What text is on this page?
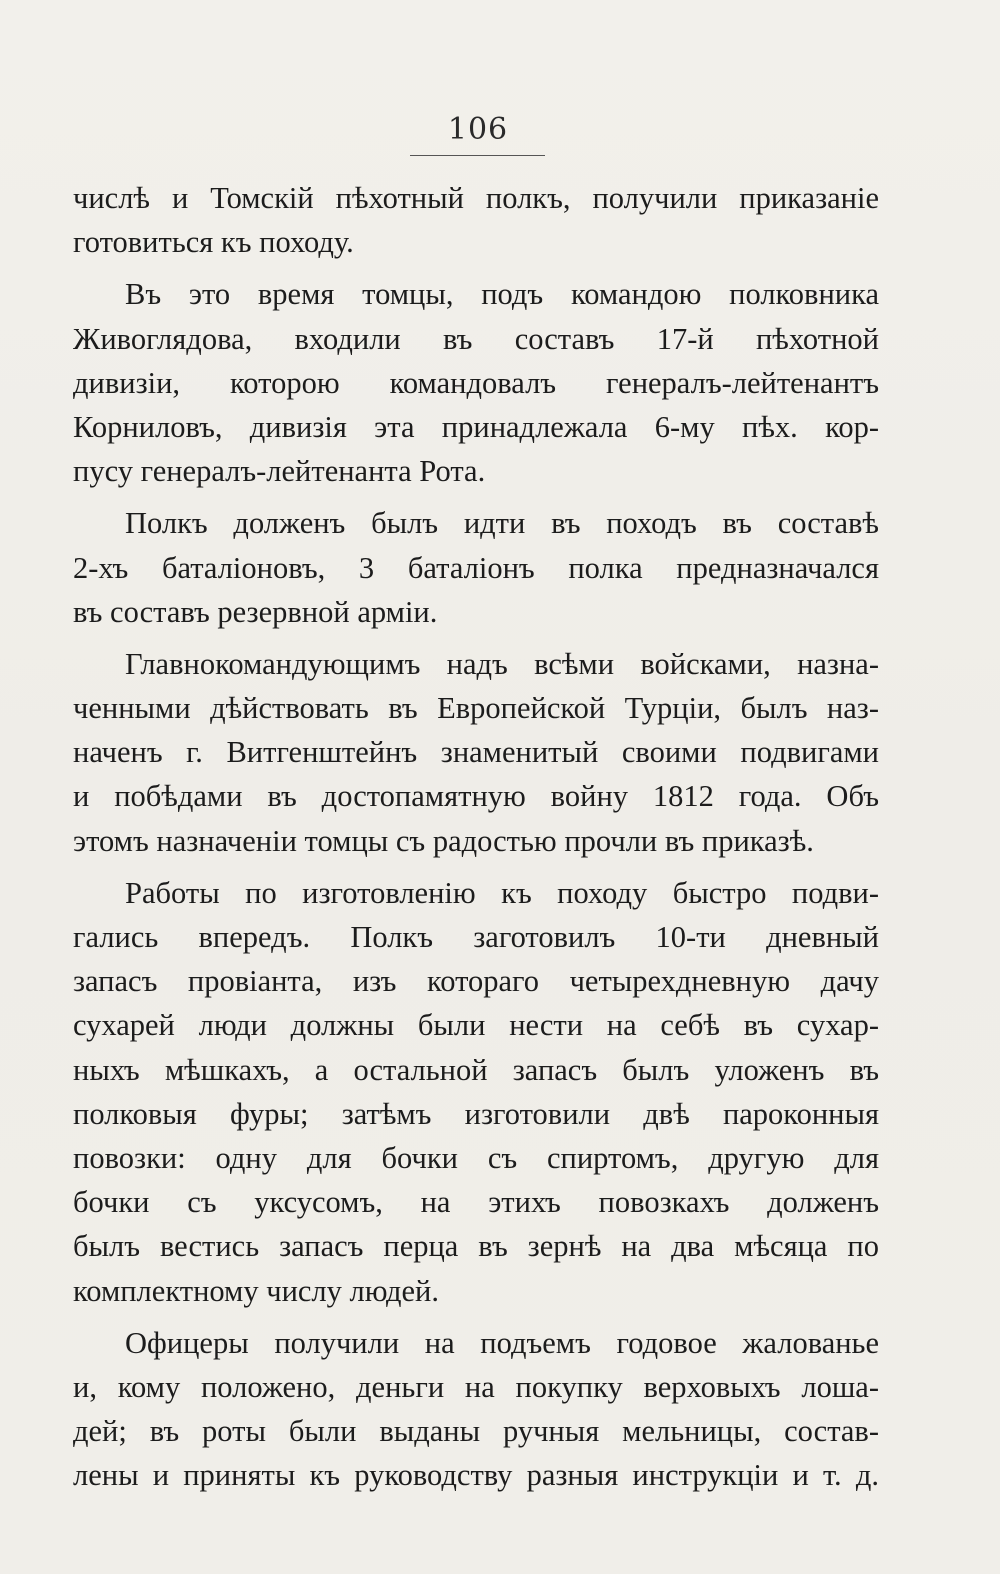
106
числѣ и Томскій пѣхотный полкъ, получили приказаніе
готовиться къ походу.
Въ это время томцы, подъ командою полковника
Живоглядова, входили въ составъ 17-й пѣхотной
дивизіи, которою командовалъ генералъ-лейтенантъ
Корниловъ, дивизія эта принадлежала 6-му пѣх. кор-
пусу генералъ-лейтенанта Рота.
Полкъ долженъ былъ идти въ походъ въ составѣ
2-хъ баталіоновъ, 3 баталіонъ полка предназначался
въ составъ резервной арміи.
Главнокомандующимъ надъ всѣми войсками, назна-
ченными дѣйствовать въ Европейской Турціи, былъ наз-
наченъ г. Витгенштейнъ знаменитый своими подвигами
и побѣдами въ достопамятную войну 1812 года. Объ
этомъ назначеніи томцы съ радостью прочли въ приказѣ.
Работы по изготовленію къ походу быстро подви-
гались впередъ. Полкъ заготовилъ 10-ти дневный
запасъ провіанта, изъ котораго четырехдневную дачу
сухарей люди должны были нести на себѣ въ сухар-
ныхъ мѣшкахъ, а остальной запасъ былъ уложенъ въ
полковыя фуры; затѣмъ изготовили двѣ пароконныя
повозки: одну для бочки съ спиртомъ, другую для
бочки съ уксусомъ, на этихъ повозкахъ долженъ
былъ вестись запасъ перца въ зернѣ на два мѣсяца по
комплектному числу людей.
Офицеры получили на подъемъ годовое жалованье
и, кому положено, деньги на покупку верховыхъ лоша-
дей; въ роты были выданы ручныя мельницы, состав-
лены и приняты къ руководству разныя инструкціи и т. д.
